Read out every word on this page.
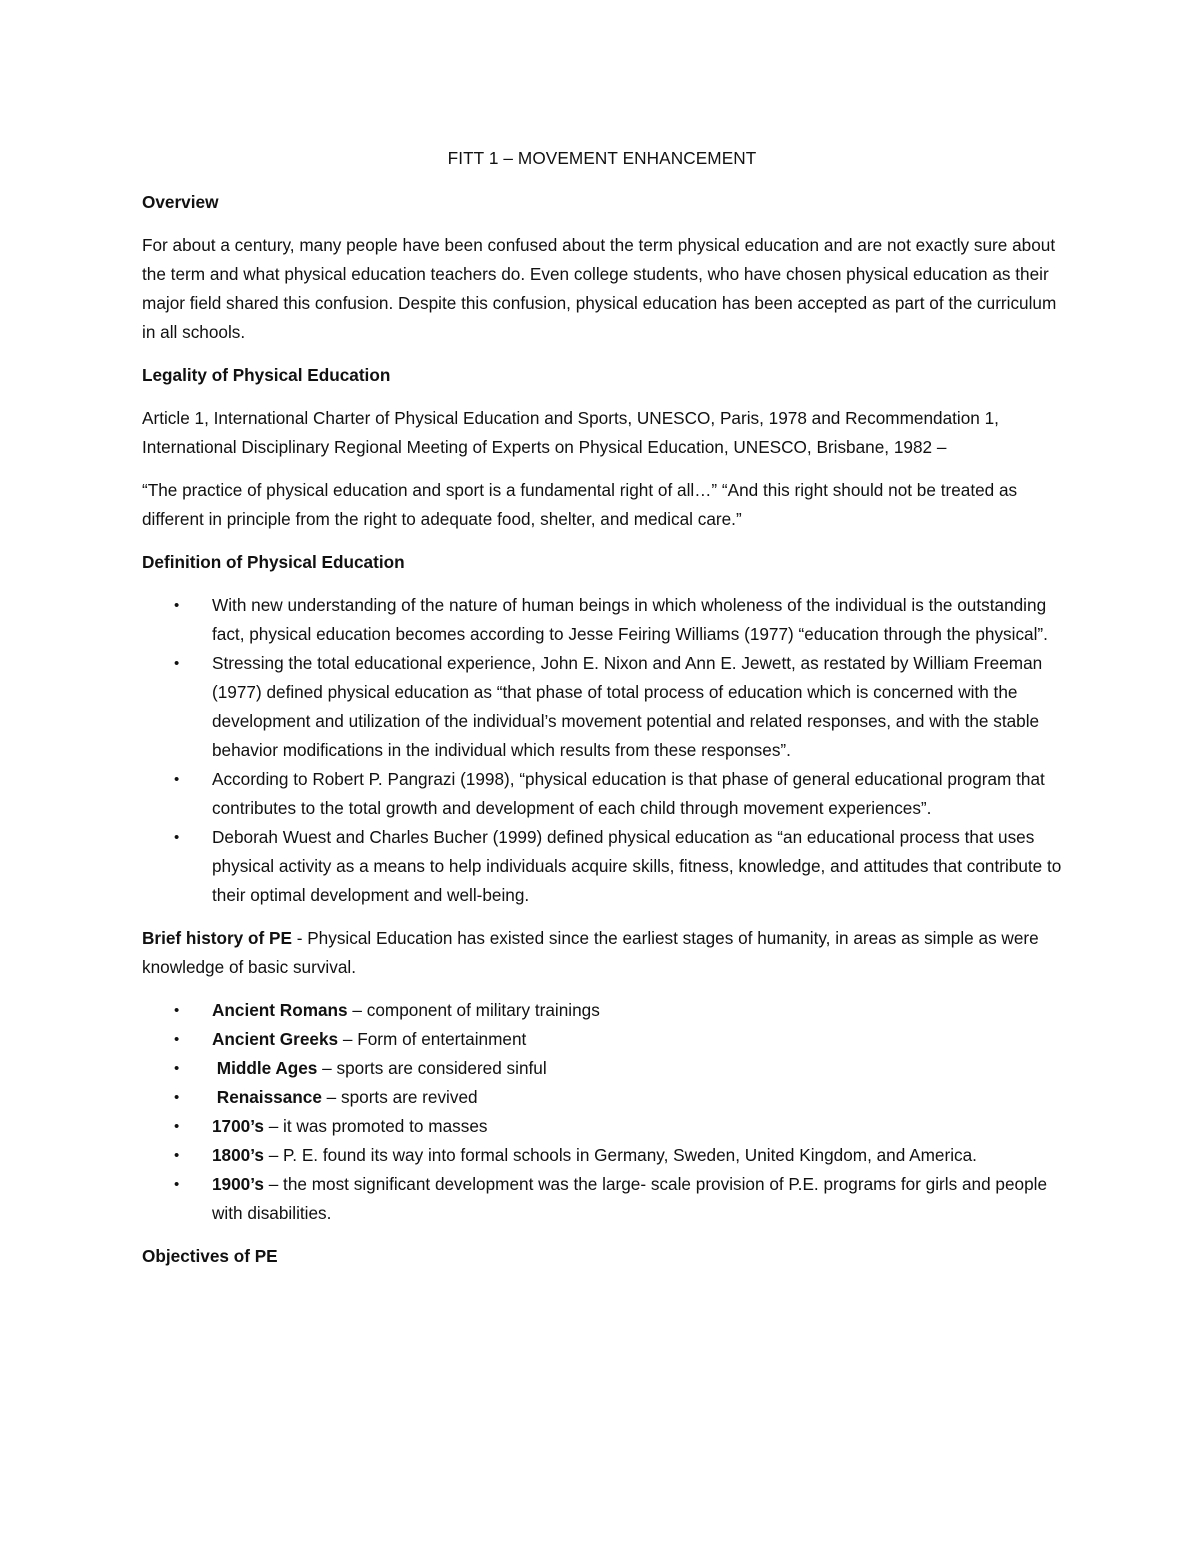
FITT 1 – MOVEMENT ENHANCEMENT
Overview

For about a century, many people have been confused about the term physical education and are not exactly sure about the term and what physical education teachers do. Even college students, who have chosen physical education as their major field shared this confusion. Despite this confusion, physical education has been accepted as part of the curriculum in all schools.

Legality of Physical Education

Article 1, International Charter of Physical Education and Sports, UNESCO, Paris, 1978 and Recommendation 1, International Disciplinary Regional Meeting of Experts on Physical Education, UNESCO, Brisbane, 1982 –

“The practice of physical education and sport is a fundamental right of all…” “And this right should not be treated as different in principle from the right to adequate food, shelter, and medical care.”

Definition of Physical Education
• With new understanding of the nature of human beings in which wholeness of the individual is the outstanding fact, physical education becomes according to Jesse Feiring Williams (1977) “education through the physical”.
• Stressing the total educational experience, John E. Nixon and Ann E. Jewett, as restated by William Freeman (1977) defined physical education as “that phase of total process of education which is concerned with the development and utilization of the individual’s movement potential and related responses, and with the stable behavior modifications in the individual which results from these responses”.
• According to Robert P. Pangrazi (1998), “physical education is that phase of general educational program that contributes to the total growth and development of each child through movement experiences”.
• Deborah Wuest and Charles Bucher (1999) defined physical education as “an educational process that uses physical activity as a means to help individuals acquire skills, fitness, knowledge, and attitudes that contribute to their optimal development and well-being.

Brief history of PE - Physical Education has existed since the earliest stages of humanity, in areas as simple as were knowledge of basic survival.

• Ancient Romans – component of military trainings
• Ancient Greeks – Form of entertainment
• Middle Ages – sports are considered sinful
• Renaissance – sports are revived
• 1700’s – it was promoted to masses
• 1800’s – P. E. found its way into formal schools in Germany, Sweden, United Kingdom, and America.
• 1900’s – the most significant development was the large- scale provision of P.E. programs for girls and people with disabilities.
Objectives of PE
